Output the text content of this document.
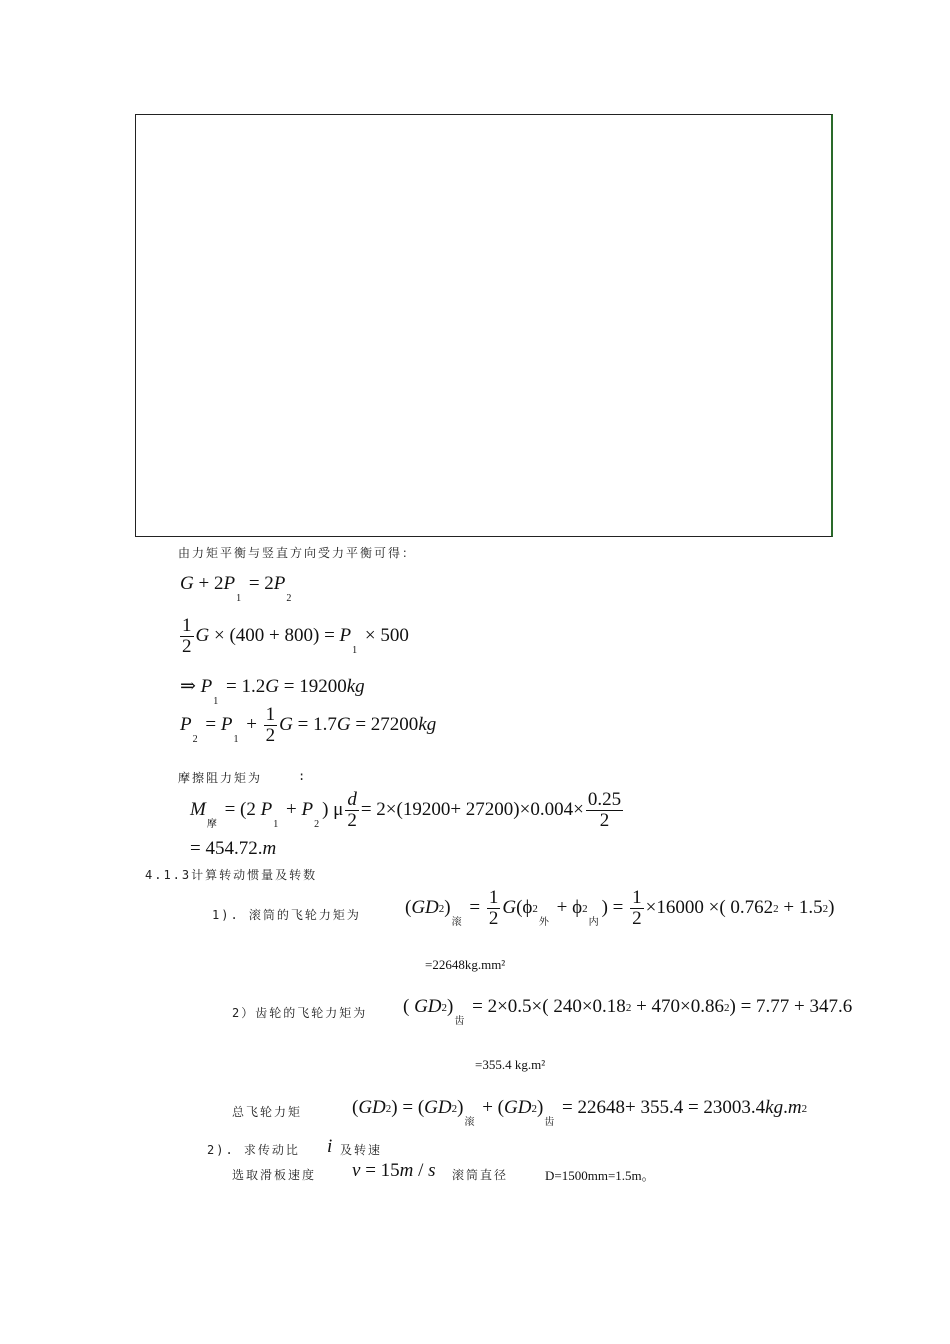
由力矩平衡与竖直方向受力平衡可得：
$G + 2P_1 = 2P_2$
$\frac{1}{2}$ $G \times (400 + 800) = P_1 \times 500$
⇒ $P_1 = 1.2G = 19200kg$
$P_2 = P_1 + \frac{1}{2}$ G = 1.7G = 27200kg
摩擦阻力矩为	:
$M_摩 = (2$ $P_1 + P_2$) μ $\frac{d}{2} = 2\times(19200+ 27200)\times 0.004\times \frac{0.25}{2}$
= 454.72.m
4.1.3计算转动惯量及转数
1). 滚筒的飞轮力矩为 $(GD2)_滚 = \frac{1}{2} G(\phi 2_外 + \phi 2_内) = \frac{1}{2} \times 16000$ ×( 0.7622 + 1.52)
=22648kg.mm²
2）齿轮的飞轮力矩为 ( $GD2)_齿 = 2\times 0.5\times$( 240×0.182 + 470×0.862) = 7.77 + 347.6
=355.4 kg.m²
总飞轮力矩	$(GD2) = (GD2)_滚 + (GD2)_齿 = 22648+ 355.4 = 23003.4kg.m2$
2). 求传动比 i 及转速
选取滑板速度 v = 15m / s 滚筒直径	D=1500mm=1.5m。
